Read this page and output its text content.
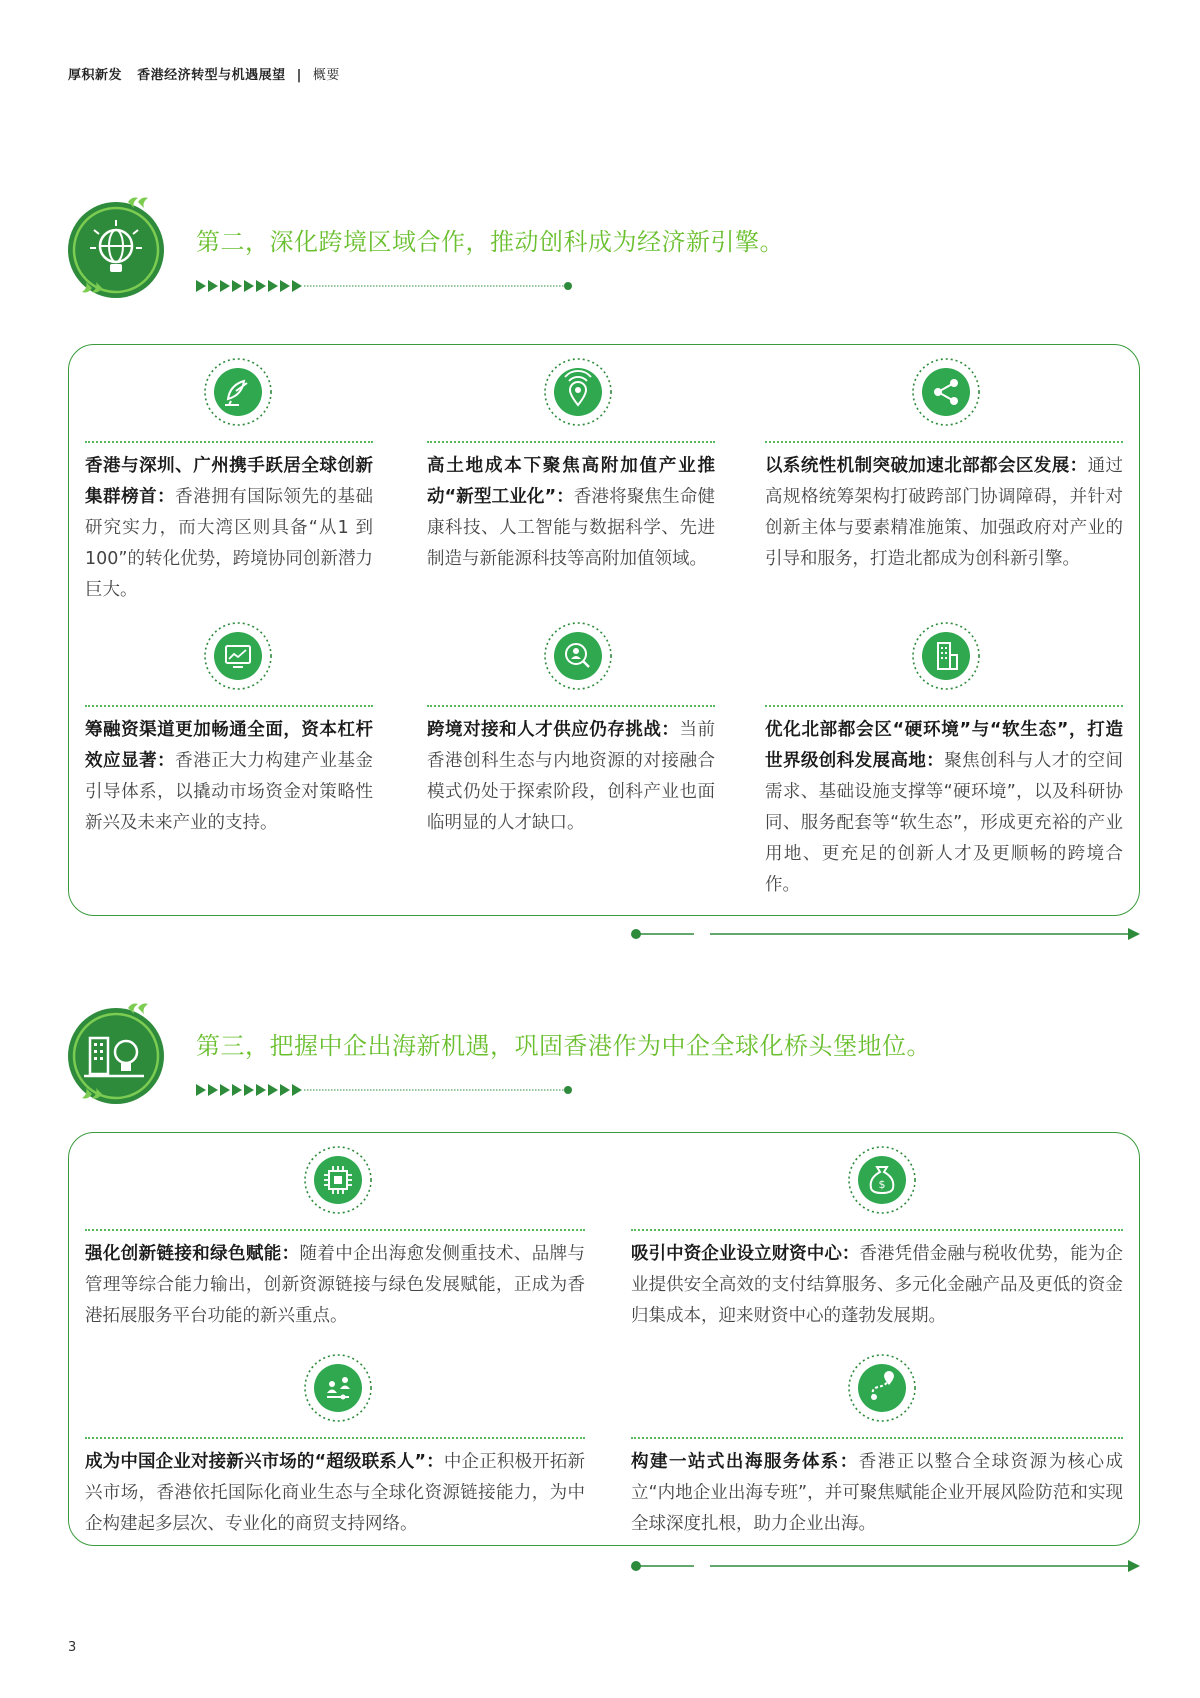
厚积新发 香港经济转型与机遇展望 | 概要
第二，深化跨境区域合作，推动创科成为经济新引擎。
香港与深圳、广州携手跃居全球创新集群榜首：香港拥有国际领先的基础研究实力，而大湾区则具备“从1 到100”的转化优势，跨境协同创新潜力巨大。
高土地成本下聚焦高附加值产业推动“新型工业化”：香港将聚焦生命健康科技、人工智能与数据科学、先进制造与新能源科技等高附加值领域。
以系统性机制突破加速北部都会区发展：通过高规格统筹架构打破跨部门协调障碍，并针对创新主体与要素精准施策、加强政府对产业的引导和服务，打造北都成为创科新引擎。
筹融资渠道更加畅通全面，资本杠杆效应显著：香港正大力构建产业基金引导体系，以撬动市场资金对策略性新兴及未来产业的支持。
跨境对接和人才供应仍存挑战：当前香港创科生态与内地资源的对接融合模式仍处于探索阶段，创科产业也面临明显的人才缺口。
优化北部都会区“硬环境”与“软生态”，打造世界级创科发展高地：聚焦创科与人才的空间需求、基础设施支撑等“硬环境”，以及科研协同、服务配套等“软生态”，形成更充裕的产业用地、更充足的创新人才及更顺畅的跨境合作。
第三，把握中企出海新机遇，巩固香港作为中企全球化桥头堡地位。
强化创新链接和绿色赋能：随着中企出海愈发侧重技术、品牌与管理等综合能力输出，创新资源链接与绿色发展赋能，正成为香港拓展服务平台功能的新兴重点。
$
吸引中资企业设立财资中心：香港凭借金融与税收优势，能为企业提供安全高效的支付结算服务、多元化金融产品及更低的资金归集成本，迎来财资中心的蓬勃发展期。
成为中国企业对接新兴市场的“超级联系人”：中企正积极开拓新兴市场，香港依托国际化商业生态与全球化资源链接能力，为中企构建起多层次、专业化的商贸支持网络。
构建一站式出海服务体系：香港正以整合全球资源为核心成立“内地企业出海专班”，并可聚焦赋能企业开展风险防范和实现全球深度扎根，助力企业出海。
3
